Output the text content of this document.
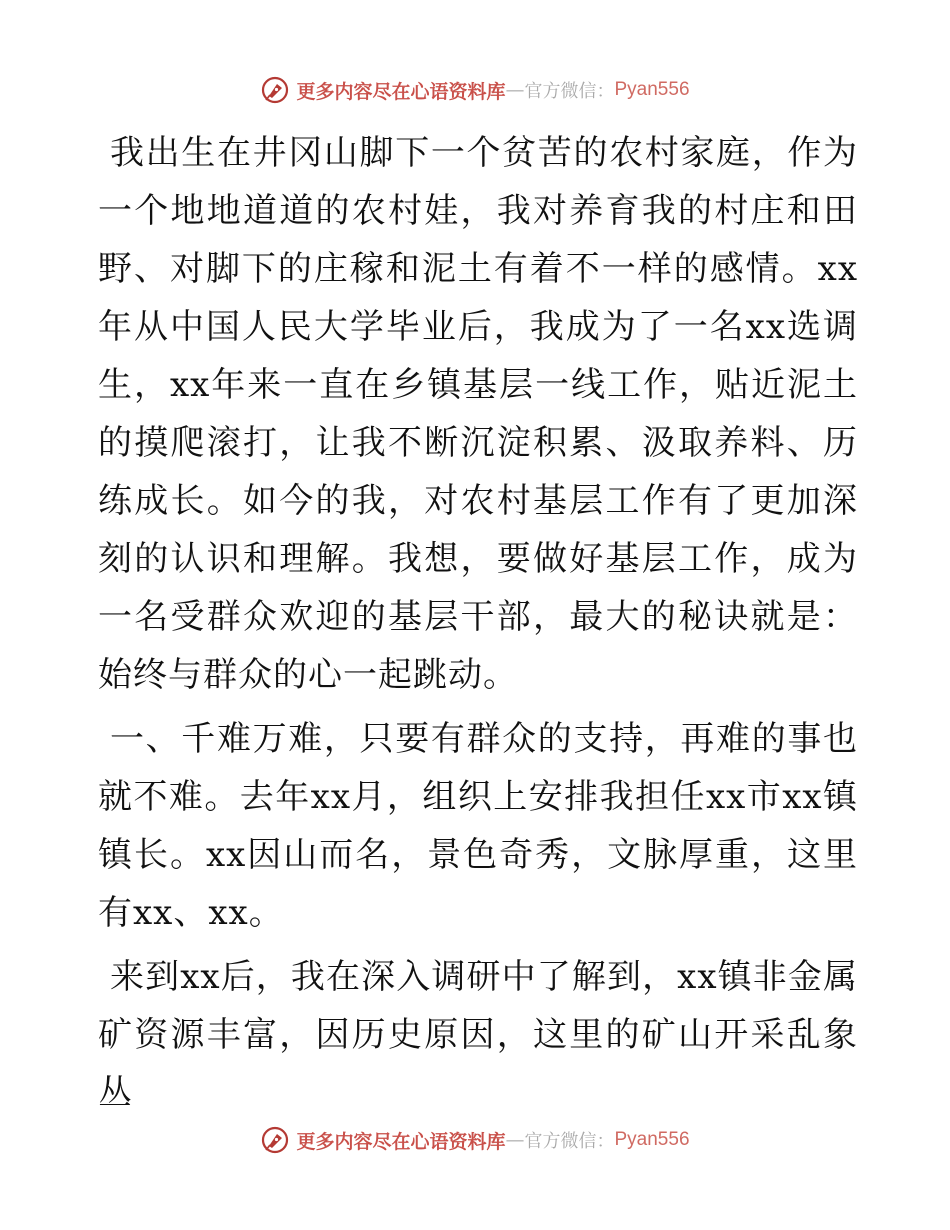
更多内容尽在心语资料库 — 官方微信： Pyan556

我出生在井冈山脚下一个贫苦的农村家庭，作为一个地地道道的农村娃，我对养育我的村庄和田野、对脚下的庄稼和泥土有着不一样的感情。xx年从中国人民大学毕业后，我成为了一名xx选调生，xx年来一直在乡镇基层一线工作，贴近泥土的摸爬滚打，让我不断沉淀积累、汲取养料、历练成长。如今的我，对农村基层工作有了更加深刻的认识和理解。我想，要做好基层工作，成为一名受群众欢迎的基层干部，最大的秘诀就是：始终与群众的心一起跳动。

一、千难万难，只要有群众的支持，再难的事也就不难。去年xx月，组织上安排我担任xx市xx镇镇长。xx因山而名，景色奇秀，文脉厚重，这里有xx、xx。

来到xx后，我在深入调研中了解到，xx镇非金属矿资源丰富，因历史原因，这里的矿山开采乱象丛

更多内容尽在心语资料库 — 官方微信： Pyan556
